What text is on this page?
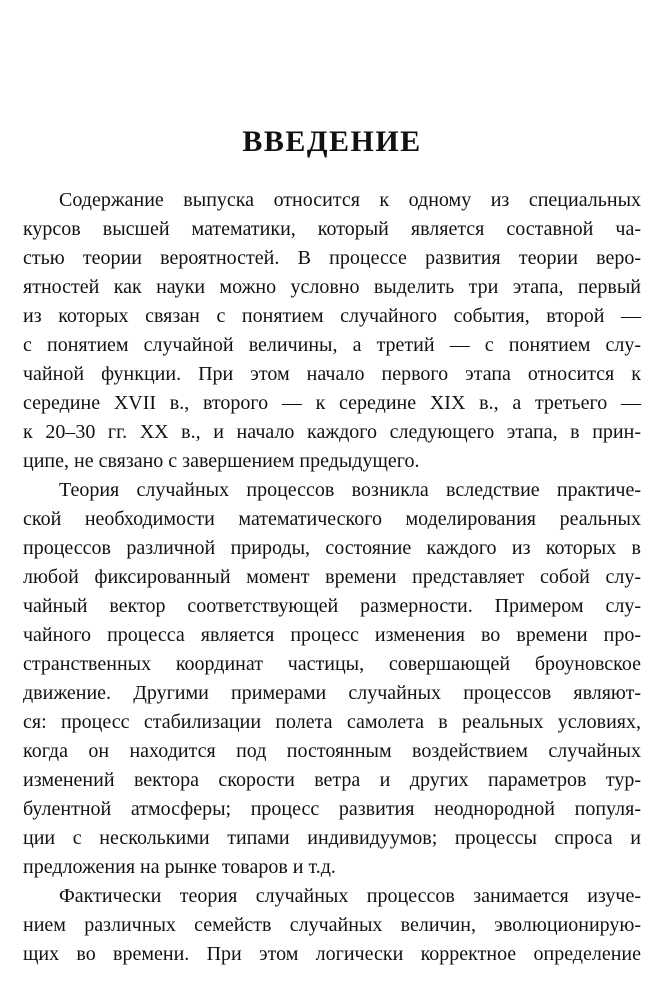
ВВЕДЕНИЕ
Содержание выпуска относится к одному из специальных
курсов высшей математики, который является составной ча-
стью теории вероятностей. В процессе развития теории веро-
ятностей как науки можно условно выделить три этапа, первый
из которых связан с понятием случайного события, второй —
с понятием случайной величины, а третий — с понятием слу-
чайной функции. При этом начало первого этапа относится к
середине XVII в., второго — к середине XIX в., а третьего —
к 20–30 гг. XX в., и начало каждого следующего этапа, в прин-
ципе, не связано с завершением предыдущего.
Теория случайных процессов возникла вследствие практиче-
ской необходимости математического моделирования реальных
процессов различной природы, состояние каждого из которых в
любой фиксированный момент времени представляет собой слу-
чайный вектор соответствующей размерности. Примером слу-
чайного процесса является процесс изменения во времени про-
странственных координат частицы, совершающей броуновское
движение. Другими примерами случайных процессов являют-
ся: процесс стабилизации полета самолета в реальных условиях,
когда он находится под постоянным воздействием случайных
изменений вектора скорости ветра и других параметров тур-
булентной атмосферы; процесс развития неоднородной популя-
ции с несколькими типами индивидуумов; процессы спроса и
предложения на рынке товаров и т.д.
Фактически теория случайных процессов занимается изуче-
нием различных семейств случайных величин, эволюционирую-
щих во времени. При этом логически корректное определение
